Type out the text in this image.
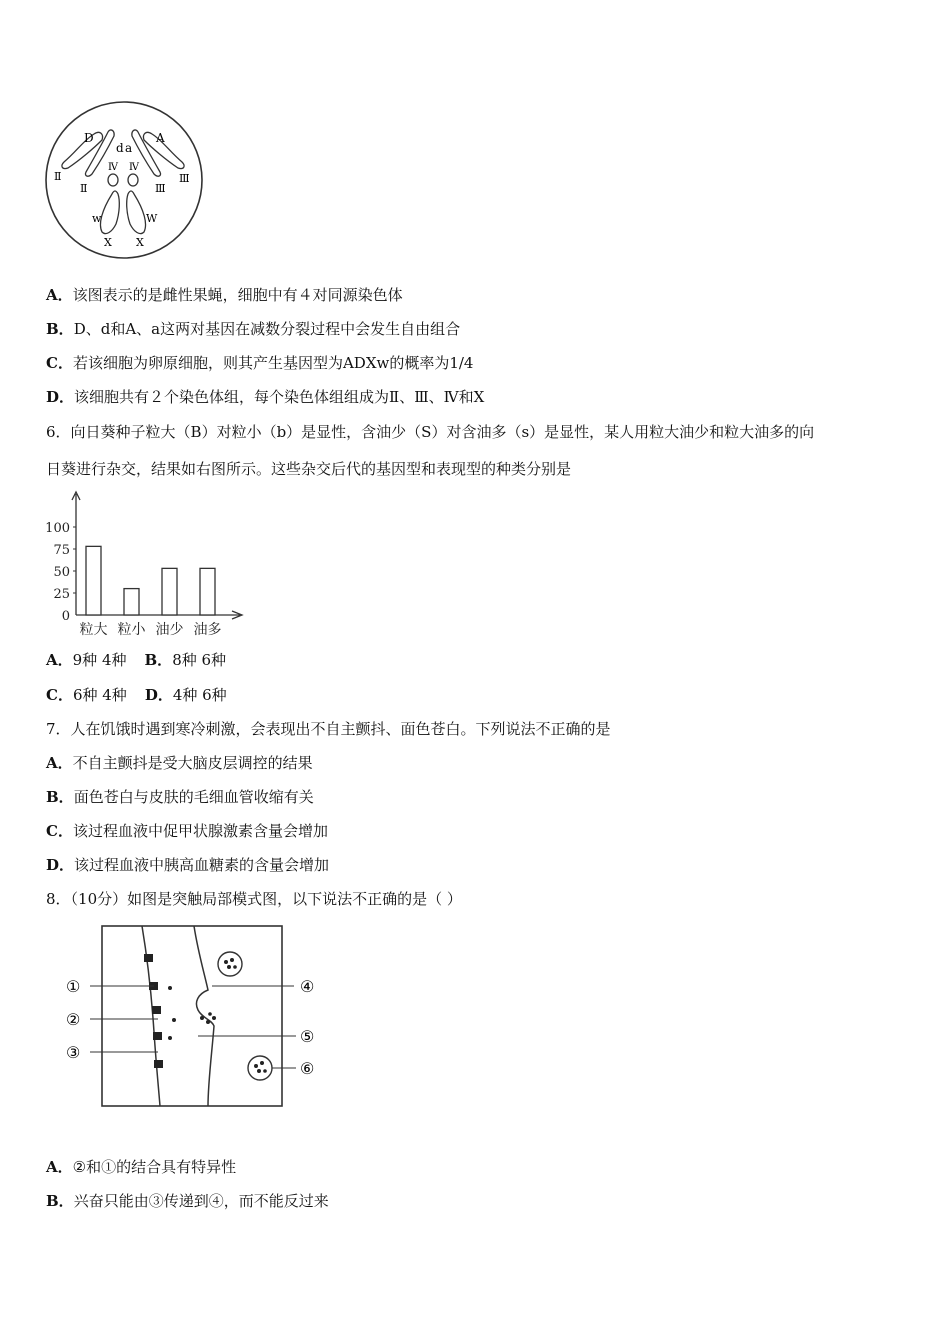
D
d a
A
Ⅱ
Ⅱ
Ⅳ Ⅳ
Ⅲ
Ⅲ
w	W
X X
A．该图表示的是雌性果蝇，细胞中有４对同源染色体
B．D、d和A、a这两对基因在减数分裂过程中会发生自由组合
C．若该细胞为卵原细胞，则其产生基因型为ADXw的概率为1/4
D．该细胞共有２个染色体组，每个染色体组组成为Ⅱ、Ⅲ、Ⅳ和X
6．向日葵种子粒大（B）对粒小（b）是显性，含油少（S）对含油多（s）是显性，某人用粒大油少和粒大油多的向
日葵进行杂交，结果如右图所示。这些杂交后代的基因型和表现型的种类分别是
0
25
50
75
100
粒大 粒小 油少 油多
A．9种 4种 B．8种 6种
C．6种 4种 D．4种 6种
7．人在饥饿时遇到寒冷刺激，会表现出不自主颤抖、面色苍白。下列说法不正确的是
A．不自主颤抖是受大脑皮层调控的结果
B．面色苍白与皮肤的毛细血管收缩有关
C．该过程血液中促甲状腺激素含量会增加
D．该过程血液中胰高血糖素的含量会增加
8．（10分）如图是突触局部模式图，以下说法不正确的是（ ）
①
②
③
④
⑤
⑥
A．②和①的结合具有特异性
B．兴奋只能由③传递到④，而不能反过来
